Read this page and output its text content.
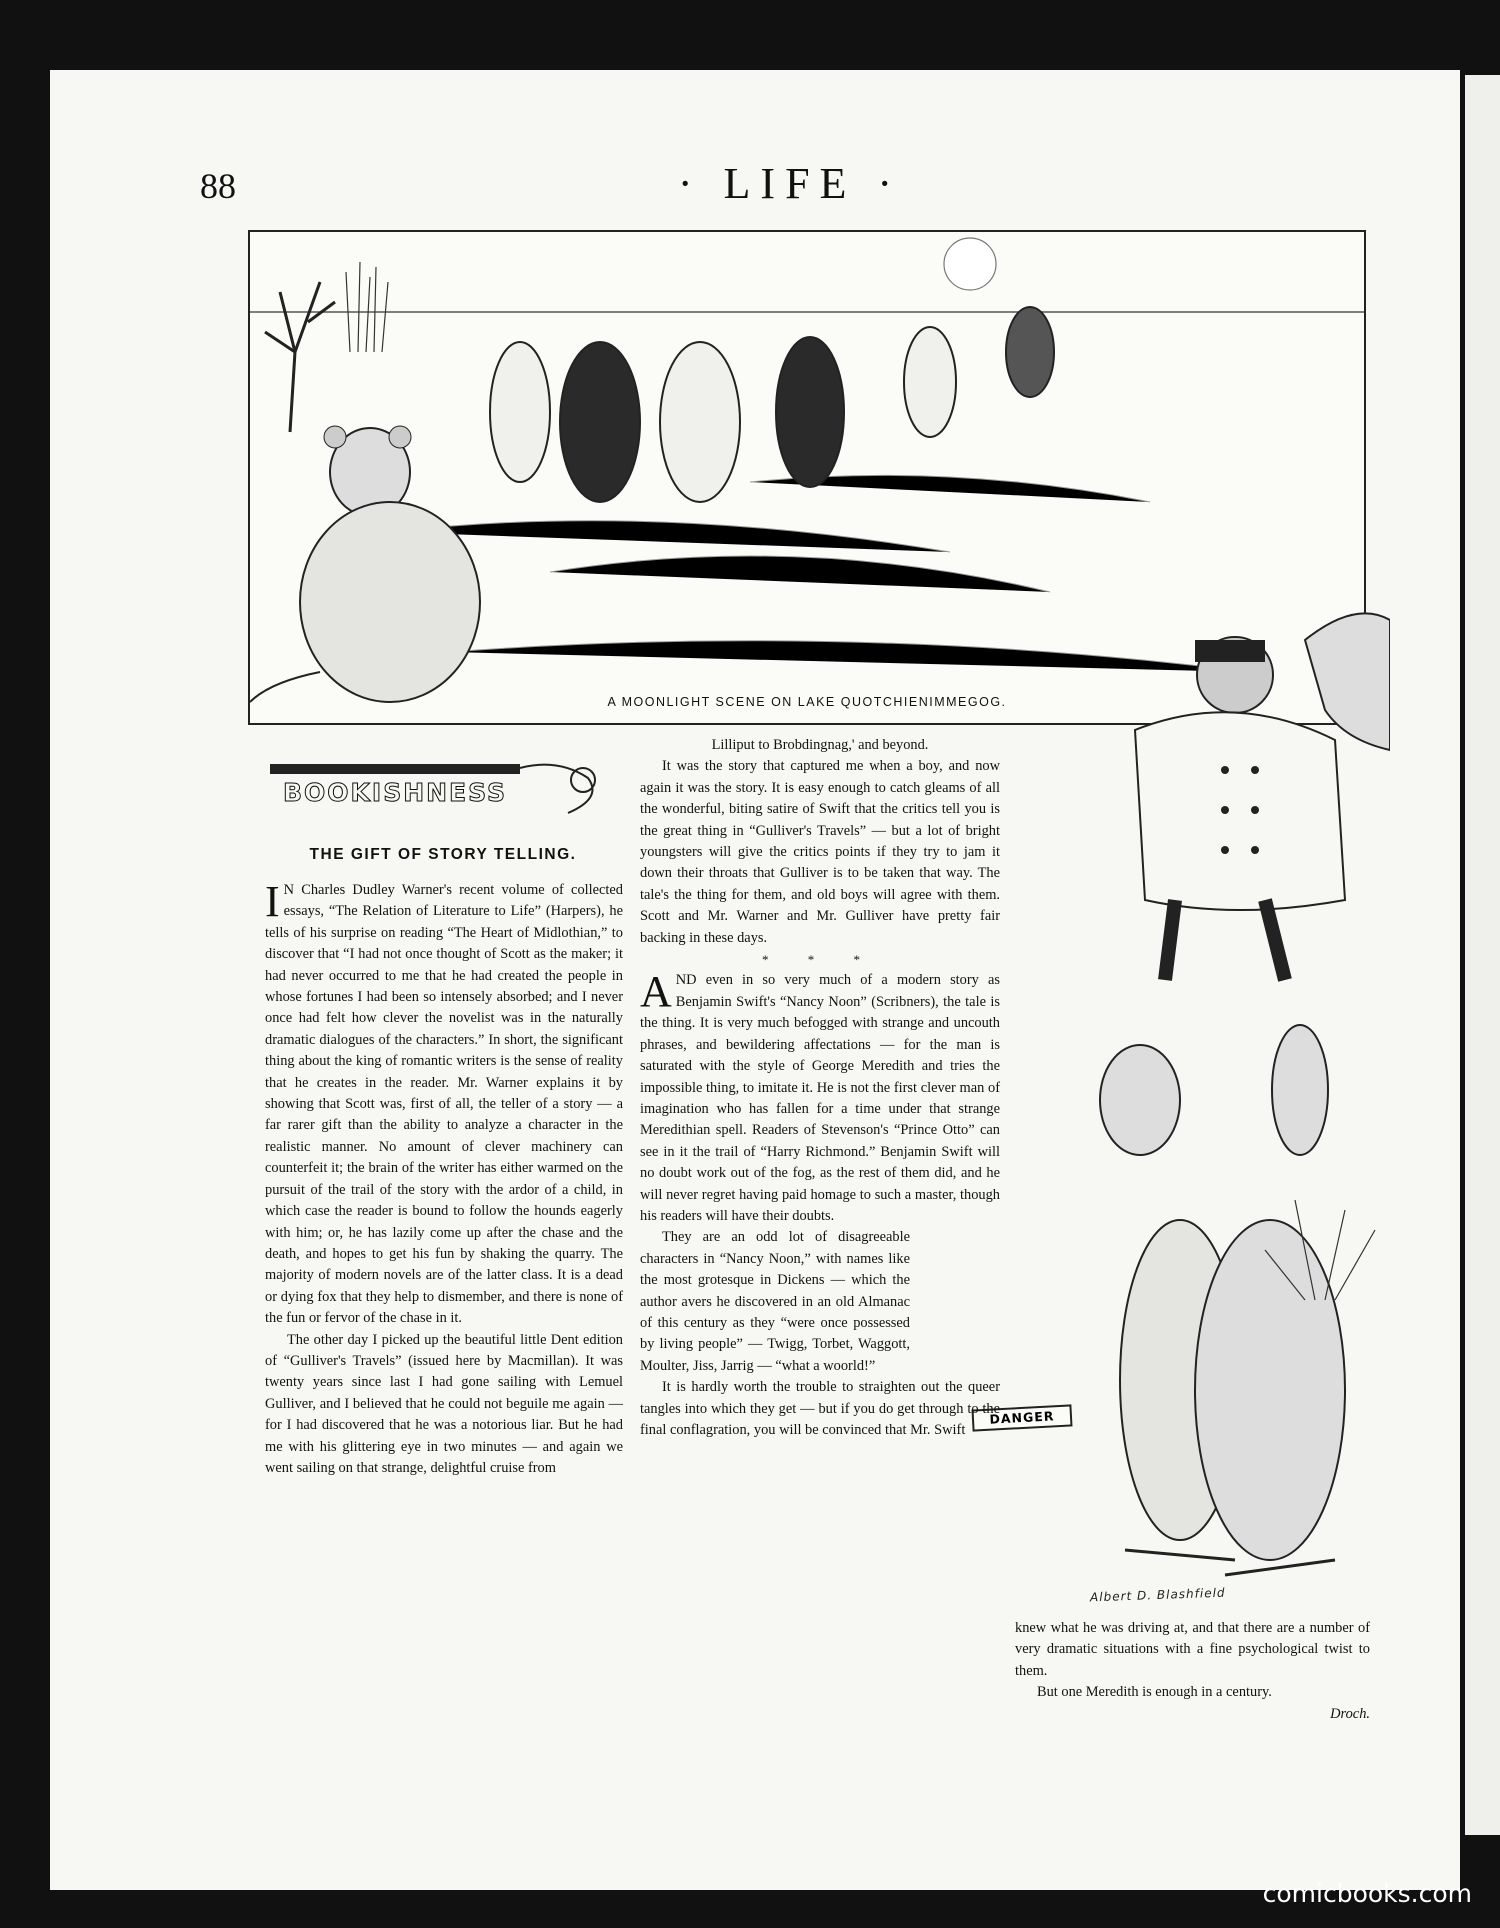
88	· LIFE ·
A MOONLIGHT SCENE ON LAKE QUOTCHIENIMMEGOG.
DANGER
Albert D. Blashfield
BOOKISHNESS
THE GIFT OF STORY TELLING.
I N Charles Dudley Warner's recent volume of collected essays, “The Relation of Literature to Life” (Harpers), he tells of his surprise on reading “The Heart of Midlothian,” to discover that “I had not once thought of Scott as the maker; it had never occurred to me that he had created the people in whose fortunes I had been so intensely absorbed; and I never once had felt how clever the novelist was in the naturally dramatic dialogues of the characters.” In short, the significant thing about the king of romantic writers is the sense of reality that he creates in the reader. Mr. Warner explains it by showing that Scott was, first of all, the teller of a story — a far rarer gift than the ability to analyze a character in the realistic manner. No amount of clever machinery can counterfeit it; the brain of the writer has either warmed on the pursuit of the trail of the story with the ardor of a child, in which case the reader is bound to follow the hounds eagerly with him; or, he has lazily come up after the chase and the death, and hopes to get his fun by shaking the quarry. The majority of modern novels are of the latter class. It is a dead or dying fox that they help to dismember, and there is none of the fun or fervor of the chase in it.

The other day I picked up the beautiful little Dent edition of “Gulliver's Travels” (issued here by Macmillan). It was twenty years since last I had gone sailing with Lemuel Gulliver, and I believed that he could not beguile me again — for I had discovered that he was a notorious liar. But he had me with his glittering eye in two minutes — and again we went sailing on that strange, delightful cruise from

Lilliput to Brobdingnag,' and beyond.

It was the story that captured me when a boy, and now again it was the story. It is easy enough to catch gleams of all the wonderful, biting satire of Swift that the critics tell you is the great thing in “Gulliver's Travels” — but a lot of bright youngsters will give the critics points if they try to jam it down their throats that Gulliver is to be taken that way. The tale's the thing for them, and old boys will agree with them. Scott and Mr. Warner and Mr. Gulliver have pretty fair backing in these days.

* * *

A ND even in so very much of a modern story as Benjamin Swift's “Nancy Noon” (Scribners), the tale is the thing. It is very much befogged with strange and uncouth phrases, and bewildering affectations — for the man is saturated with the style of George Meredith and tries the impossible thing, to imitate it. He is not the first clever man of imagination who has fallen for a time under that strange Meredithian spell. Readers of Stevenson's “Prince Otto” can see in it the trail of “Harry Richmond.” Benjamin Swift will no doubt work out of the fog, as the rest of them did, and he will never regret having paid homage to such a master, though his readers will have their doubts.

They are an odd lot of disagreeable characters in “Nancy Noon,” with names like the most grotesque in Dickens — which the author avers he discovered in an old Almanac of this century as they “were once possessed by living people” — Twigg, Torbet, Waggott, Moulter, Jiss, Jarrig — “what a woorld!”

It is hardly worth the trouble to straighten out the queer tangles into which they get — but if you do get through to the final conflagration, you will be convinced that Mr. Swift

knew what he was driving at, and that there are a number of very dramatic situations with a fine psychological twist to them.

But one Meredith is enough in a century.

Droch.

comicbooks.com
